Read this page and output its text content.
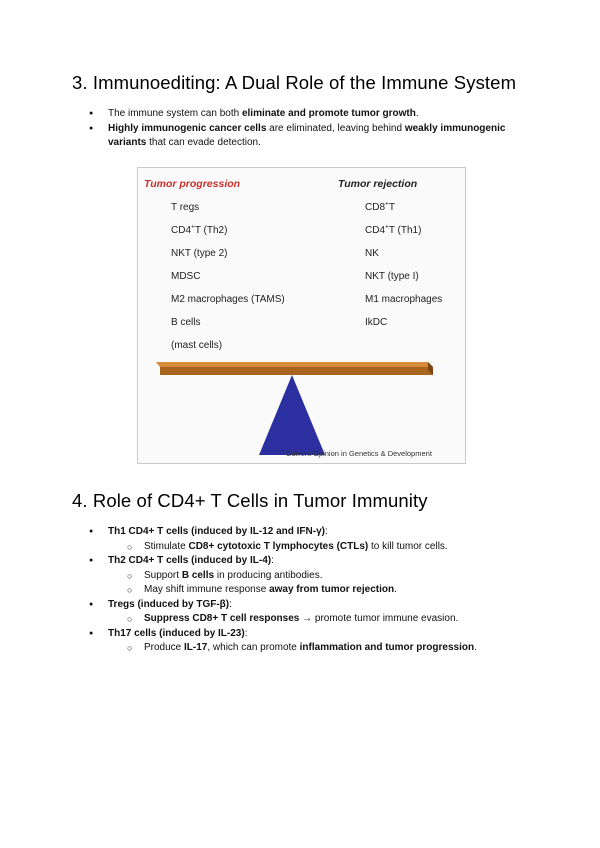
3. Immunoediting: A Dual Role of the Immune System
● The immune system can both eliminate and promote tumor growth.
● Highly immunogenic cancer cells are eliminated, leaving behind weakly immunogenic variants that can evade detection.
Tumor progression	Tumor rejection
T regs
CD4+T (Th2)
NKT (type 2)
MDSC
M2 macrophages (TAMS)
B cells
(mast cells)
CD8+T
CD4+T (Th1)
NK
NKT (type I)
M1 macrophages
IkDC
Current Opinion in Genetics & Development
4. Role of CD4+ T Cells in Tumor Immunity
● Th1 CD4+ T cells (induced by IL-12 and IFN-γ):
○ Stimulate CD8+ cytotoxic T lymphocytes (CTLs) to kill tumor cells.
● Th2 CD4+ T cells (induced by IL-4):
○ Support B cells in producing antibodies.
○ May shift immune response away from tumor rejection.
● Tregs (induced by TGF-β):
○ Suppress CD8+ T cell responses → promote tumor immune evasion.
● Th17 cells (induced by IL-23):
○ Produce IL-17, which can promote inflammation and tumor progression.
